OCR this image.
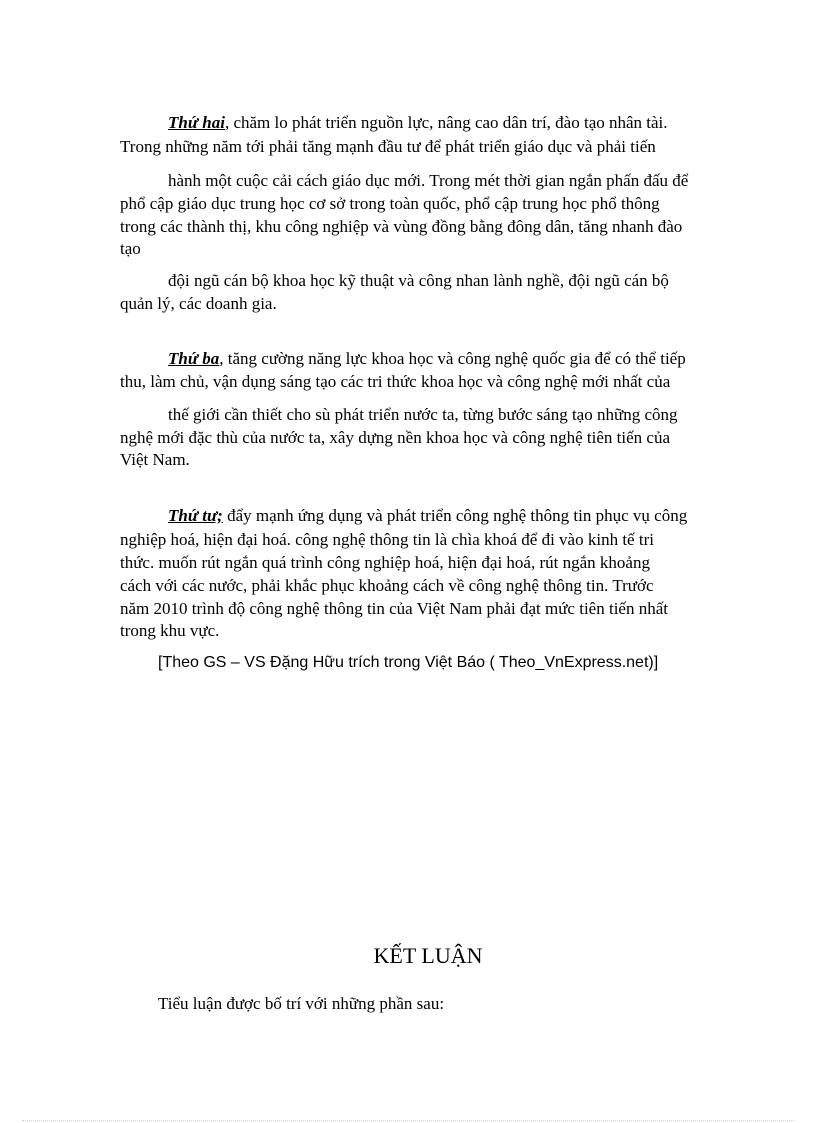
Thứ hai, chăm lo phát triển nguồn lực, nâng cao dân trí, đào tạo nhân tài.
Trong những năm tới phải tăng mạnh đầu tư để phát triển giáo dục và phải tiến
hành một cuộc cải cách giáo dục mới. Trong mét thời gian ngắn phấn đấu để
phổ cập giáo dục trung học cơ sở trong toàn quốc, phổ cập trung học phổ thông
trong các thành thị, khu công nghiệp và vùng đồng bằng đông dân, tăng nhanh đào
tạo
đội ngũ cán bộ khoa học kỹ thuật và công nhan lành nghề, đội ngũ cán bộ
quản lý, các doanh gia.
Thứ ba, tăng cường năng lực khoa học và công nghệ quốc gia để có thể tiếp
thu, làm chủ, vận dụng sáng tạo các tri thức khoa học và công nghệ mới nhất của
thế giới cần thiết cho sù phát triển nước ta, từng bước sáng tạo những công
nghệ mới đặc thù của nước ta, xây dựng nền khoa học và công nghệ tiên tiến của
Việt Nam.
Thứ tư; đẩy mạnh ứng dụng và phát triển công nghệ thông tin phục vụ công
nghiệp hoá, hiện đại hoá. công nghệ thông tin là chìa khoá để đi vào kinh tế tri
thức. muốn rút ngắn quá trình công nghiệp hoá, hiện đại hoá, rút ngắn khoảng
cách với các nước, phải khắc phục khoảng cách về công nghệ thông tin. Trước
năm 2010 trình độ công nghệ thông tin của Việt Nam phải đạt mức tiên tiến nhất
trong khu vực.
[Theo GS – VS Đặng Hữu trích trong Việt Báo ( Theo_VnExpress.net)]
KẾT LUẬN
Tiểu luận được bố trí với những phần sau:
